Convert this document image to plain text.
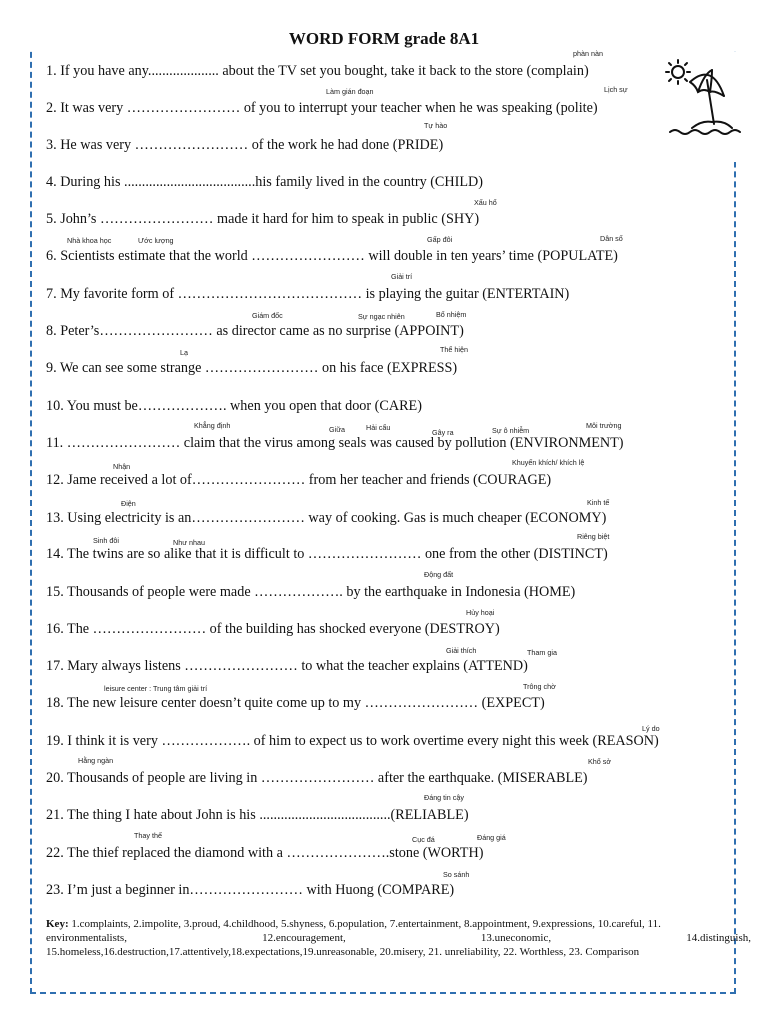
WORD FORM grade 8A1
1. If you have any.................... about the TV set you bought, take it back to the store (complain)
2. It was very …………………… of you to interrupt your teacher when he was speaking (polite)
3. He was very …………………… of the work he had done (PRIDE)
4. During his .....................................his family lived in the country (CHILD)
5. John’s …………………… made it hard for him to speak in public (SHY)
6. Scientists estimate that the world …………………… will double in ten years’ time (POPULATE)
7. My favorite form of ………………………………… is playing the guitar (ENTERTAIN)
8. Peter’s…………………… as director came as no surprise (APPOINT)
9. We can see some strange …………………… on his face (EXPRESS)
10. You must be………………. when you open that door (CARE)
11. …………………… claim that the virus among seals was caused by pollution (ENVIRONMENT)
12. Jame received a lot of…………………… from her teacher and friends (COURAGE)
13. Using electricity is an…………………… way of cooking. Gas is much cheaper (ECONOMY)
14. The twins are so alike that it is difficult to …………………… one from the other (DISTINCT)
15. Thousands of people were made ………………. by the earthquake in Indonesia (HOME)
16. The …………………… of the building has shocked everyone (DESTROY)
17. Mary always listens …………………… to what the teacher explains (ATTEND)
18. The new leisure center doesn’t quite come up to my …………………… (EXPECT)
19. I think it is very ………………. of him to expect us to work overtime every night this week (REASON)
20. Thousands of people are living in …………………… after the earthquake. (MISERABLE)
21. The thing I hate about John is his .....................................(RELIABLE)
22. The thief replaced the diamond with a ………………….stone (WORTH)
23. I’m just a beginner in…………………… with Huong (COMPARE)
phàn nàn
Làm gián đoạn	Lịch sự
Tự hào
Xấu hổ
Nhà khoa học	Ước lượng	Gấp đôi	Dân số
Giải trí
Giám đốc	Sự ngạc nhiên	Bổ nhiệm
Lạ	Thể hiện
Khẳng định	Giữa	Hải cẩu
Gây ra	Sự ô nhiễm
Môi trường
Nhận	Khuyến khích/ khích lệ
Điện	Kinh tế
Sinh đôi	Như nhau
Riêng biệt
Động đất
Hủy hoại
Giải thích	Tham gia
leisure center : Trung tâm giải trí	Trông chờ
Lý do
Hằng ngàn	Khổ sở
Đáng tin cậy
Thay thế	Cục đá	Đáng giá
So sánh
Key: 1.complaints, 2.impolite, 3.proud, 4.childhood, 5.shyness, 6.population, 7.entertainment, 8.appointment, 9.expressions, 10.careful, 11.
environmentalists,	12.encouragement,	13.uneconomic,	14.distinguish,
15.homeless,16.destruction,17.attentively,18.expectations,19.unreasonable, 20.misery, 21. unreliability, 22. Worthless, 23. Comparison
